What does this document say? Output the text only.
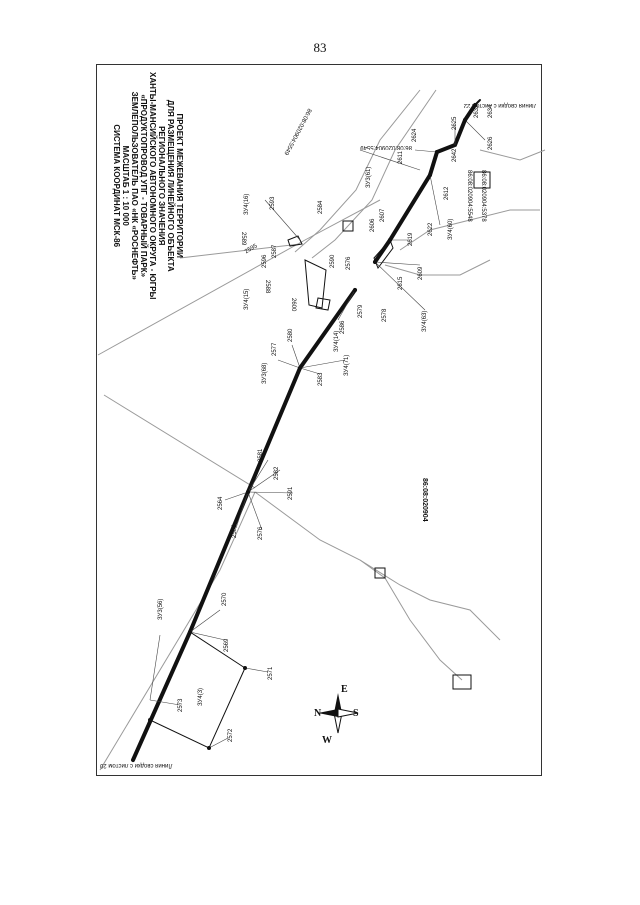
83
ПРОЕКТ МЕЖЕВАНИЯ ТЕРРИТОРИИ
ДЛЯ РАЗМЕЩЕНИЯ ЛИНЕЙНОГО ОБЪЕКТА
РЕГИОНАЛЬНОГО ЗНАЧЕНИЯ
ХАНТЫ-МАНСИЙСКОГО АВТОНОМНОГО ОКРУГА - ЮГРЫ
«ПРОДУКТОПРОВОД УПГ - ТОВАРНЫЙ ПАРК»
ЗЕМЛЕПОЛЬЗОВАТЕЛЬ ПАО «НК «РОСНЕФТЬ»
МАСШТАБ 1 : 10 000
СИСТЕМА КООРДИНАТ МСК-86
Линия сводки с листом 20
Линия сводки с листом 22
86:08:020904
86:08:020904:5548 86:08:020904:5378
86:08:020904:5549	86:08:020904:5549
ЗУ3(56)
ЗУ4(3)
ЗУ3(68)	ЗУ4(71)
ЗУ4(14)
ЗУ4(15)
ЗУ4(16)
ЗУ3(61)
ЗУ4(60)
ЗУ4(63)
2564
2565	2576
2581
2582
2591
2570
2569
2571
2573
2572
2577
2580
2583
2586
2600
2588
2596
2587
2595
2589
2593	2584
2590 2576
2579	2578
2615
2606
2607
2609
2619
2622
2612
2611	2642
2624
2625
2626
2632 2634
N
E
S
W
